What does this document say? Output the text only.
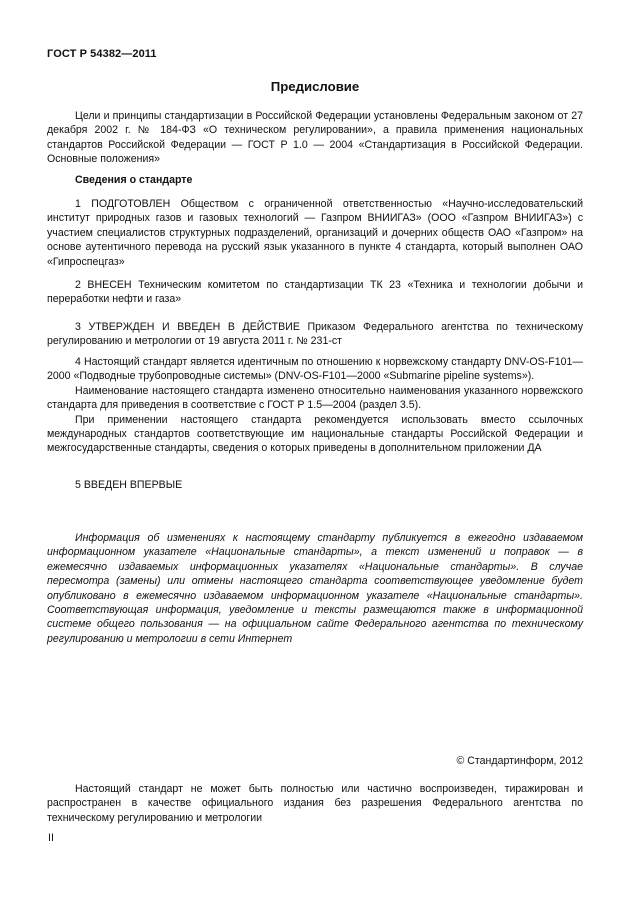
ГОСТ Р 54382—2011
Предисловие

Цели и принципы стандартизации в Российской Федерации установлены Федеральным законом от 27 декабря 2002 г. № 184-ФЗ «О техническом регулировании», а правила применения национальных стандартов Российской Федерации — ГОСТ Р 1.0 — 2004 «Стандартизация в Российской Федерации. Основные положения»

Сведения о стандарте

1 ПОДГОТОВЛЕН Обществом с ограниченной ответственностью «Научно-исследовательский институт природных газов и газовых технологий — Газпром ВНИИГАЗ» (ООО «Газпром ВНИИГАЗ») с участием специалистов структурных подразделений, организаций и дочерних обществ ОАО «Газпром» на основе аутентичного перевода на русский язык указанного в пункте 4 стандарта, который выполнен ОАО «Гипроспецгаз»

2 ВНЕСЕН Техническим комитетом по стандартизации ТК 23 «Техника и технологии добычи и переработки нефти и газа»

3 УТВЕРЖДЕН И ВВЕДЕН В ДЕЙСТВИЕ Приказом Федерального агентства по техническому регулированию и метрологии от 19 августа 2011 г. № 231-ст

4 Настоящий стандарт является идентичным по отношению к норвежскому стандарту DNV-OS-F101—2000 «Подводные трубопроводные системы» (DNV-OS-F101—2000 «Submarine pipeline systems»).

Наименование настоящего стандарта изменено относительно наименования указанного норвежского стандарта для приведения в соответствие с ГОСТ Р 1.5—2004 (раздел 3.5).

При применении настоящего стандарта рекомендуется использовать вместо ссылочных международных стандартов соответствующие им национальные стандарты Российской Федерации и межгосударственные стандарты, сведения о которых приведены в дополнительном приложении ДА

5 ВВЕДЕН ВПЕРВЫЕ

Информация об изменениях к настоящему стандарту публикуется в ежегодно издаваемом информационном указателе «Национальные стандарты», а текст изменений и поправок — в ежемесячно издаваемых информационных указателях «Национальные стандарты». В случае пересмотра (замены) или отмены настоящего стандарта соответствующее уведомление будет опубликовано в ежемесячно издаваемом информационном указателе «Национальные стандарты». Соответствующая информация, уведомление и тексты размещаются также в информационной системе общего пользования — на официальном сайте Федерального агентства по техническому регулированию и метрологии в сети Интернет

© Стандартинформ, 2012

Настоящий стандарт не может быть полностью или частично воспроизведен, тиражирован и распространен в качестве официального издания без разрешения Федерального агентства по техническому регулированию и метрологии

II
